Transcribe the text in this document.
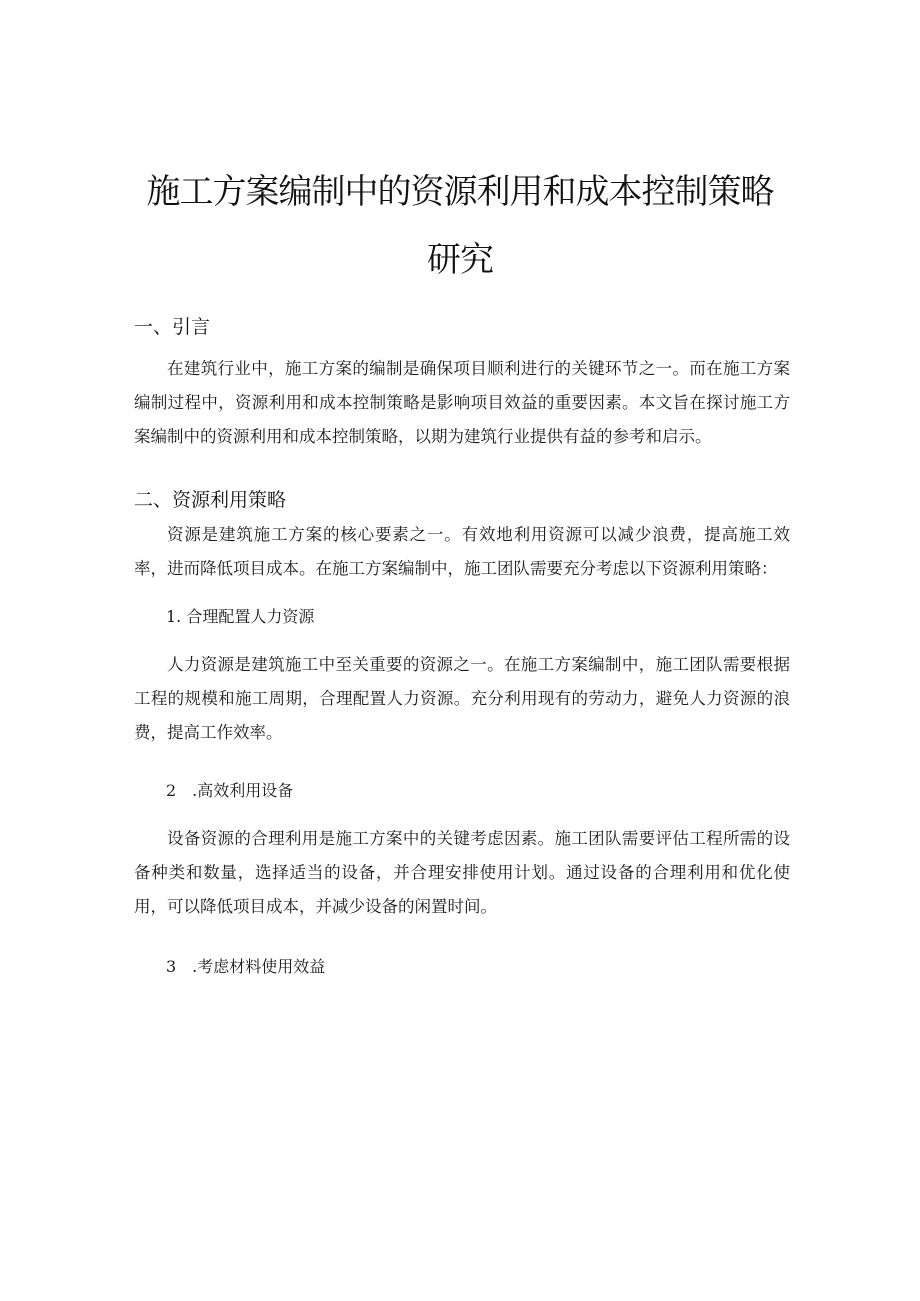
施工方案编制中的资源利用和成本控制策略
研究
一、引言

在建筑行业中，施工方案的编制是确保项目顺利进行的关键环节之一。而在施工方案编制过程中，资源利用和成本控制策略是影响项目效益的重要因素。本文旨在探讨施工方案编制中的资源利用和成本控制策略，以期为建筑行业提供有益的参考和启示。

二、资源利用策略

资源是建筑施工方案的核心要素之一。有效地利用资源可以减少浪费，提高施工效率，进而降低项目成本。在施工方案编制中，施工团队需要充分考虑以下资源利用策略：

1. 合理配置人力资源

人力资源是建筑施工中至关重要的资源之一。在施工方案编制中，施工团队需要根据工程的规模和施工周期，合理配置人力资源。充分利用现有的劳动力，避免人力资源的浪费，提高工作效率。

2　.高效利用设备

设备资源的合理利用是施工方案中的关键考虑因素。施工团队需要评估工程所需的设备种类和数量，选择适当的设备，并合理安排使用计划。通过设备的合理利用和优化使用，可以降低项目成本，并减少设备的闲置时间。

3　.考虑材料使用效益
